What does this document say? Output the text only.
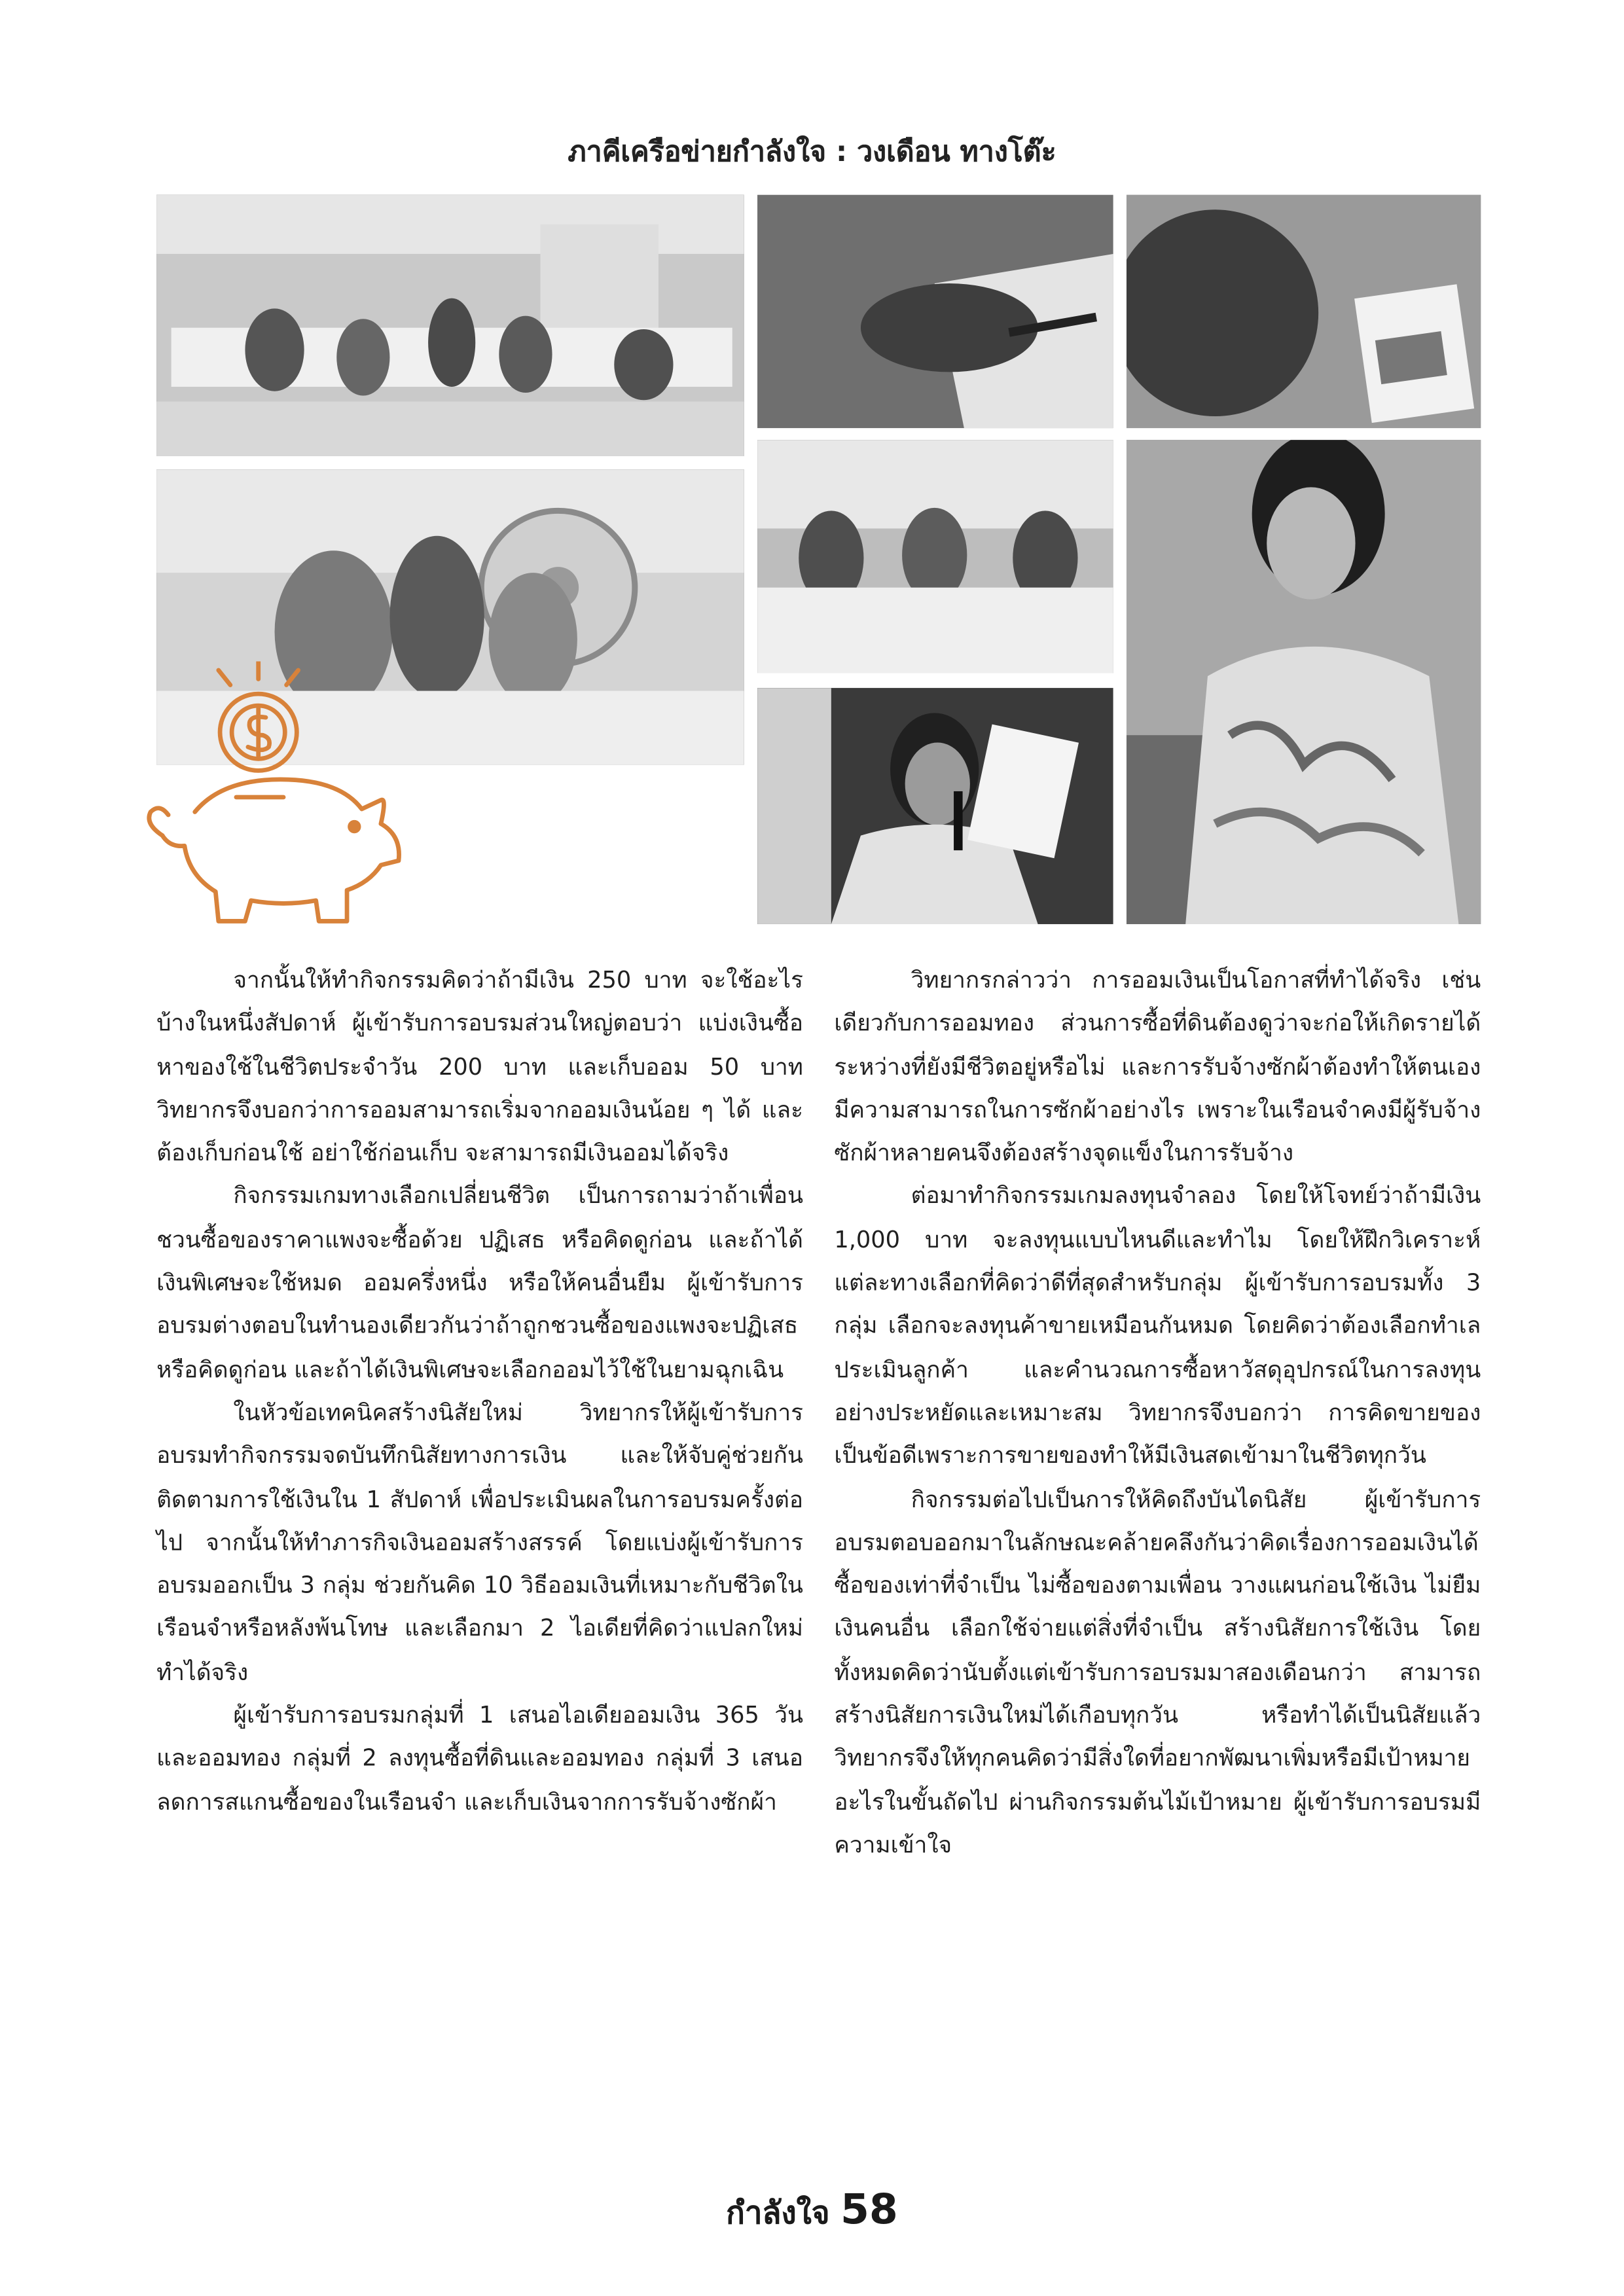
ภาคีเครือข่ายกำลังใจ : วงเดือน ทางโต๊ะ

จากนั้นให้ทำกิจกรรมคิดว่าถ้ามีเงิน 250 บาท จะใช้อะไรบ้างในหนึ่งสัปดาห์ ผู้เข้ารับการอบรมส่วนใหญ่ตอบว่า แบ่งเงินซื้อหาของใช้ในชีวิตประจำวัน 200 บาท และเก็บออม 50 บาท วิทยากรจึงบอกว่าการออมสามารถเริ่มจากออมเงินน้อย ๆ ได้ และต้องเก็บก่อนใช้ อย่าใช้ก่อนเก็บ จะสามารถมีเงินออมได้จริง

กิจกรรมเกมทางเลือกเปลี่ยนชีวิต เป็นการถามว่าถ้าเพื่อนชวนซื้อของราคาแพงจะซื้อด้วย ปฏิเสธ หรือคิดดูก่อน และถ้าได้เงินพิเศษจะใช้หมด ออมครึ่งหนึ่ง หรือให้คนอื่นยืม ผู้เข้ารับการอบรมต่างตอบในทำนองเดียวกันว่าถ้าถูกชวนซื้อของแพงจะปฏิเสธหรือคิดดูก่อน และถ้าได้เงินพิเศษจะเลือกออมไว้ใช้ในยามฉุกเฉิน

ในหัวข้อเทคนิคสร้างนิสัยใหม่ วิทยากรให้ผู้เข้ารับการอบรมทำกิจกรรมจดบันทึกนิสัยทางการเงิน และให้จับคู่ช่วยกันติดตามการใช้เงินใน 1 สัปดาห์ เพื่อประเมินผลในการอบรมครั้งต่อไป จากนั้นให้ทำภารกิจเงินออมสร้างสรรค์ โดยแบ่งผู้เข้ารับการอบรมออกเป็น 3 กลุ่ม ช่วยกันคิด 10 วิธีออมเงินที่เหมาะกับชีวิตในเรือนจำหรือหลังพ้นโทษ และเลือกมา 2 ไอเดียที่คิดว่าแปลกใหม่ทำได้จริง

ผู้เข้ารับการอบรมกลุ่มที่ 1 เสนอไอเดียออมเงิน 365 วัน และออมทอง กลุ่มที่ 2 ลงทุนซื้อที่ดินและออมทอง กลุ่มที่ 3 เสนอลดการสแกนซื้อของในเรือนจำ และเก็บเงินจากการรับจ้างซักผ้า

วิทยากรกล่าวว่า การออมเงินเป็นโอกาสที่ทำได้จริง เช่นเดียวกับการออมทอง ส่วนการซื้อที่ดินต้องดูว่าจะก่อให้เกิดรายได้ระหว่างที่ยังมีชีวิตอยู่หรือไม่ และการรับจ้างซักผ้าต้องทำให้ตนเองมีความสามารถในการซักผ้าอย่างไร เพราะในเรือนจำคงมีผู้รับจ้างซักผ้าหลายคนจึงต้องสร้างจุดแข็งในการรับจ้าง

ต่อมาทำกิจกรรมเกมลงทุนจำลอง โดยให้โจทย์ว่าถ้ามีเงิน 1,000 บาท จะลงทุนแบบไหนดีและทำไม โดยให้ฝึกวิเคราะห์แต่ละทางเลือกที่คิดว่าดีที่สุดสำหรับกลุ่ม ผู้เข้ารับการอบรมทั้ง 3 กลุ่ม เลือกจะลงทุนค้าขายเหมือนกันหมด โดยคิดว่าต้องเลือกทำเล ประเมินลูกค้า และคำนวณการซื้อหาวัสดุอุปกรณ์ในการลงทุนอย่างประหยัดและเหมาะสม วิทยากรจึงบอกว่า การคิดขายของเป็นข้อดีเพราะการขายของทำให้มีเงินสดเข้ามาในชีวิตทุกวัน

กิจกรรมต่อไปเป็นการให้คิดถึงบันไดนิสัย ผู้เข้ารับการอบรมตอบออกมาในลักษณะคล้ายคลึงกันว่าคิดเรื่องการออมเงินได้ ซื้อของเท่าที่จำเป็น ไม่ซื้อของตามเพื่อน วางแผนก่อนใช้เงิน ไม่ยืมเงินคนอื่น เลือกใช้จ่ายแต่สิ่งที่จำเป็น สร้างนิสัยการใช้เงิน โดยทั้งหมดคิดว่านับตั้งแต่เข้ารับการอบรมมาสองเดือนกว่า สามารถสร้างนิสัยการเงินใหม่ได้เกือบทุกวัน หรือทำได้เป็นนิสัยแล้ว วิทยากรจึงให้ทุกคนคิดว่ามีสิ่งใดที่อยากพัฒนาเพิ่มหรือมีเป้าหมายอะไรในขั้นถัดไป ผ่านกิจกรรมต้นไม้เป้าหมาย ผู้เข้ารับการอบรมมีความเข้าใจ

กำลังใจ 58
